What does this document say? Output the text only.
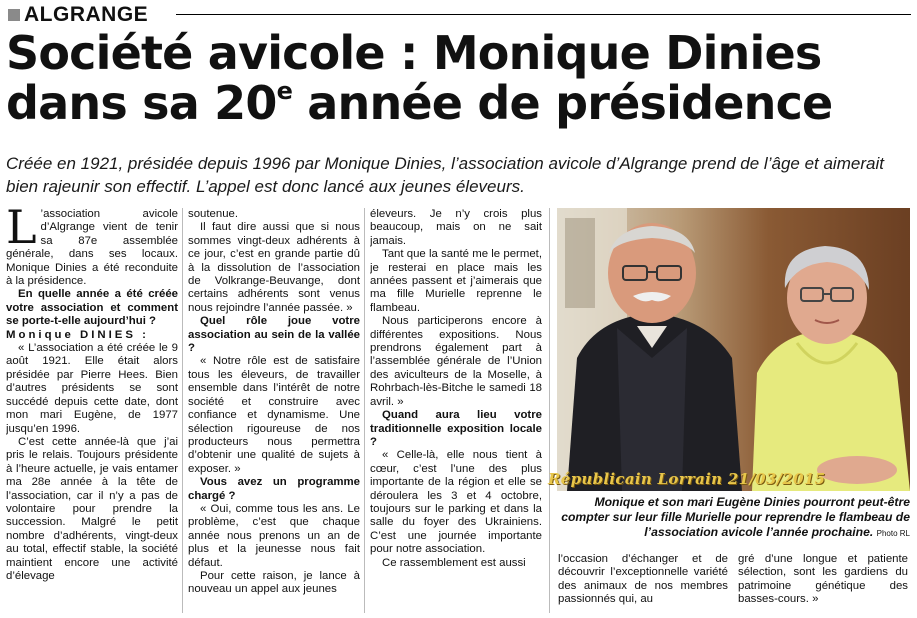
ALGRANGE
Société avicole : Monique Dinies
dans sa 20e année de présidence
Créée en 1921, présidée depuis 1996 par Monique Dinies, l’association avicole d’Algrange prend de l’âge et aimerait bien rajeunir son effectif. L’appel est donc lancé aux jeunes éleveurs.
L ’association avicole d’Algrange vient de tenir sa 87e assemblée générale, dans ses locaux. Monique Dinies a été reconduite à la présidence.

En quelle année a été créée votre association et comment se porte-t-elle aujourd’hui ?

Monique DINIES :

« L’association a été créée le 9 août 1921. Elle était alors présidée par Pierre Hees. Bien d’autres présidents se sont succédé depuis cette date, dont mon mari Eugène, de 1977 jusqu’en 1996.

C’est cette année-là que j’ai pris le relais. Toujours présidente à l’heure actuelle, je vais entamer ma 28e année à la tête de l’association, car il n’y a pas de volontaire pour prendre la succession. Malgré le petit nombre d’adhérents, vingt-deux au total, effectif stable, la société maintient encore une activité d’élevage

soutenue.

Il faut dire aussi que si nous sommes vingt-deux adhérents à ce jour, c’est en grande partie dû à la dissolution de l’association de Volkrange-Beuvange, dont certains adhérents sont venus nous rejoindre l’année passée. »

Quel rôle joue votre association au sein de la vallée ?

« Notre rôle est de satisfaire tous les éleveurs, de travailler ensemble dans l’intérêt de notre société et construire avec confiance et dynamisme. Une sélection rigoureuse de nos producteurs nous permettra d’obtenir une qualité de sujets à exposer. »

Vous avez un programme chargé ?

« Oui, comme tous les ans. Le problème, c’est que chaque année nous prenons un an de plus et la jeunesse nous fait défaut.

Pour cette raison, je lance à nouveau un appel aux jeunes

éleveurs. Je n’y crois plus beaucoup, mais on ne sait jamais.

Tant que la santé me le permet, je resterai en place mais les années passent et j’aimerais que ma fille Murielle reprenne le flambeau.

Nous participerons encore à différentes expositions. Nous prendrons également part à l’assemblée générale de l’Union des aviculteurs de la Moselle, à Rohrbach-lès-Bitche le samedi 18 avril. »

Quand aura lieu votre traditionnelle exposition locale ?

« Celle-là, elle nous tient à cœur, c’est l’une des plus importante de la région et elle se déroulera les 3 et 4 octobre, toujours sur le parking et dans la salle du foyer des Ukrainiens. C’est une journée importante pour notre association.

Ce rassemblement est aussi

Républicain Lorrain 21/03/2015
Monique et son mari Eugène Dinies pourront peut-être compter sur leur fille Murielle pour reprendre le flambeau de l’association avicole l’année prochaine. Photo RL

l’occasion d’échanger et de découvrir l’exceptionnelle variété des animaux de nos membres passionnés qui, au

gré d’une longue et patiente sélection, sont les gardiens du patrimoine génétique des basses-cours. »
